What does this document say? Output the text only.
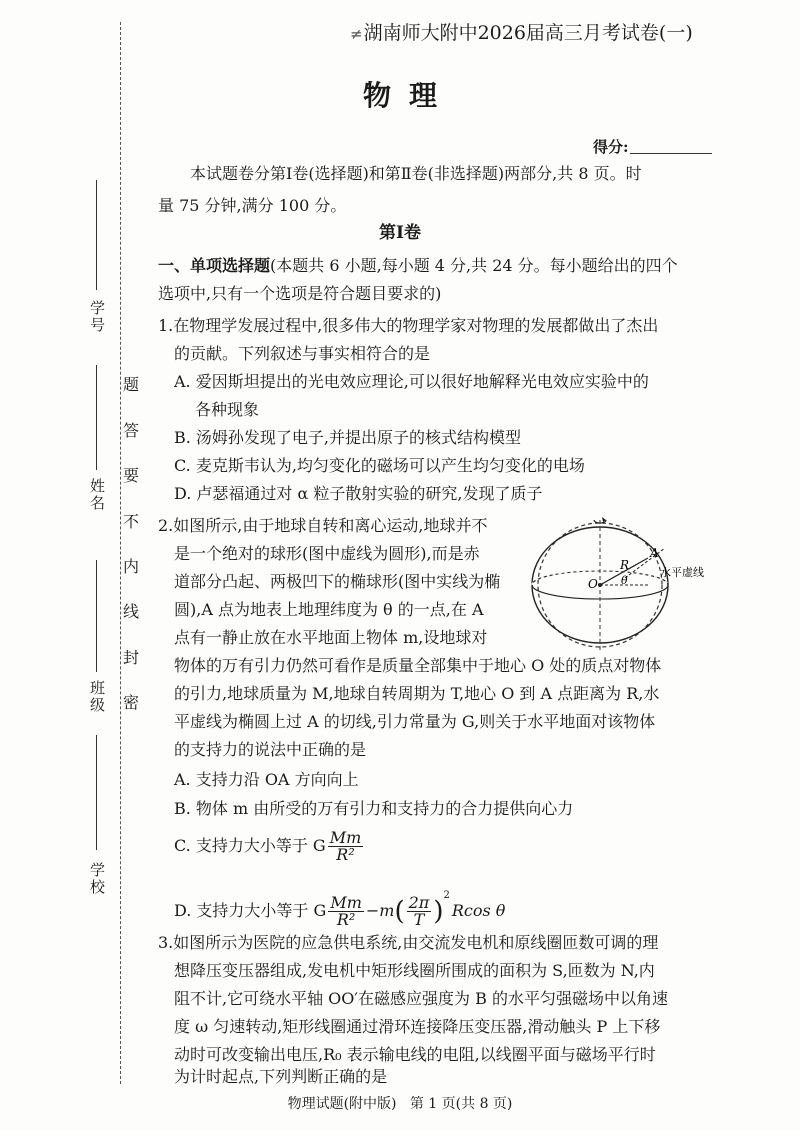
学号
姓名
班级
学校
题
答
要
不
内
线
封
密
≠湖南师大附中2026届高三月考试卷(一)
物理
得分:
本试题卷分第Ⅰ卷(选择题)和第Ⅱ卷(非选择题)两部分,共 8 页。时
量 75 分钟,满分 100 分。
第Ⅰ卷
一、单项选择题(本题共 6 小题,每小题 4 分,共 24 分。每小题给出的四个
选项中,只有一个选项是符合题目要求的)
1.在物理学发展过程中,很多伟大的物理学家对物理的发展都做出了杰出
的贡献。下列叙述与事实相符合的是
A. 爱因斯坦提出的光电效应理论,可以很好地解释光电效应实验中的
各种现象
B. 汤姆孙发现了电子,并提出原子的核式结构模型
C. 麦克斯韦认为,均匀变化的磁场可以产生均匀变化的电场
D. 卢瑟福通过对 α 粒子散射实验的研究,发现了质子
2.如图所示,由于地球自转和离心运动,地球并不
是一个绝对的球形(图中虚线为圆形),而是赤
道部分凸起、两极凹下的椭球形(图中实线为椭
圆),A 点为地表上地理纬度为 θ 的一点,在 A
点有一静止放在水平地面上物体 m,设地球对
物体的万有引力仍然可看作是质量全部集中于地心 O 处的质点对物体
的引力,地球质量为 M,地球自转周期为 T,地心 O 到 A 点距离为 R,水
平虚线为椭圆上过 A 的切线,引力常量为 G,则关于水平地面对该物体
的支持力的说法中正确的是
A. 支持力沿 OA 方向向上
B. 物体 m 由所受的万有引力和支持力的合力提供向心力
C. 支持力大小等于 G $\frac{Mm}{\text{R²}}$
D. 支持力大小等于 G $\frac{Mm}{\text{R²}} -m( \frac{2\pi}{T} )^2Rcos$ θ
O
R
A
θ
水平虚线
3.如图所示为医院的应急供电系统,由交流发电机和原线圈匝数可调的理
想降压变压器组成,发电机中矩形线圈所围成的面积为 S,匝数为 N,内
阻不计,它可绕水平轴 OO′在磁感应强度为 B 的水平匀强磁场中以角速
度 ω 匀速转动,矩形线圈通过滑环连接降压变压器,滑动触头 P 上下移
动时可改变输出电压,R₀ 表示输电线的电阻,以线圈平面与磁场平行时
为计时起点,下列判断正确的是
物理试题(附中版)   第 1 页(共 8 页)
